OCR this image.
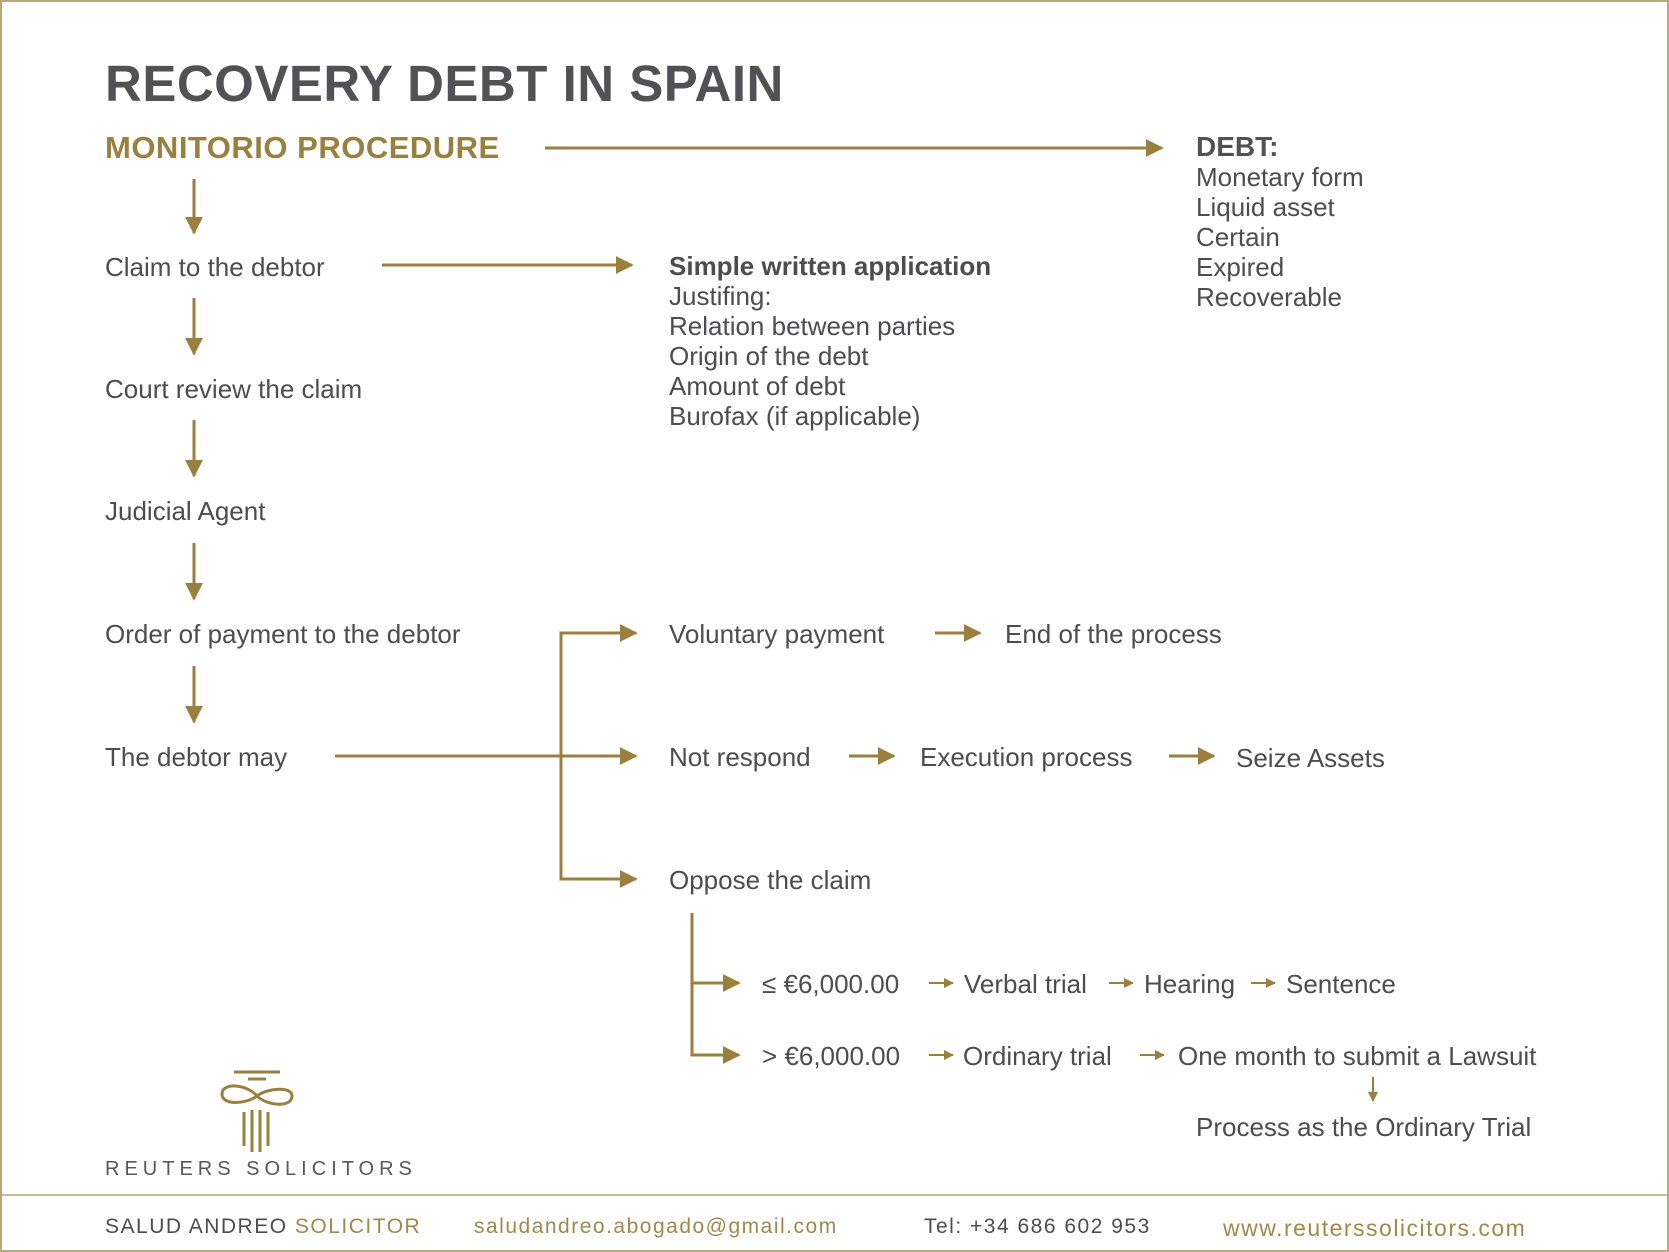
RECOVERY DEBT IN SPAIN
MONITORIO PROCEDURE
Claim to the debtor
Court review the claim
Judicial Agent
Order of payment to the debtor
The debtor may
DEBT:
Monetary form
Liquid asset
Certain
Expired
Recoverable
Simple written application
Justifing:
Relation between parties
Origin of the debt
Amount of debt
Burofax (if applicable)
Voluntary payment	End of the process
Not respond	Execution process	Seize Assets
Oppose the claim
≤ €6,000.00 Verbal trial Hearing Sentence
> €6,000.00 Ordinary trial	One month to submit a Lawsuit
Process as the Ordinary Trial
REUTERS SOLICITORS
SALUD ANDREO SOLICITOR	saludandreo.abogado@gmail.com	Tel: +34 686 602 953	www.reuterssolicitors.com
